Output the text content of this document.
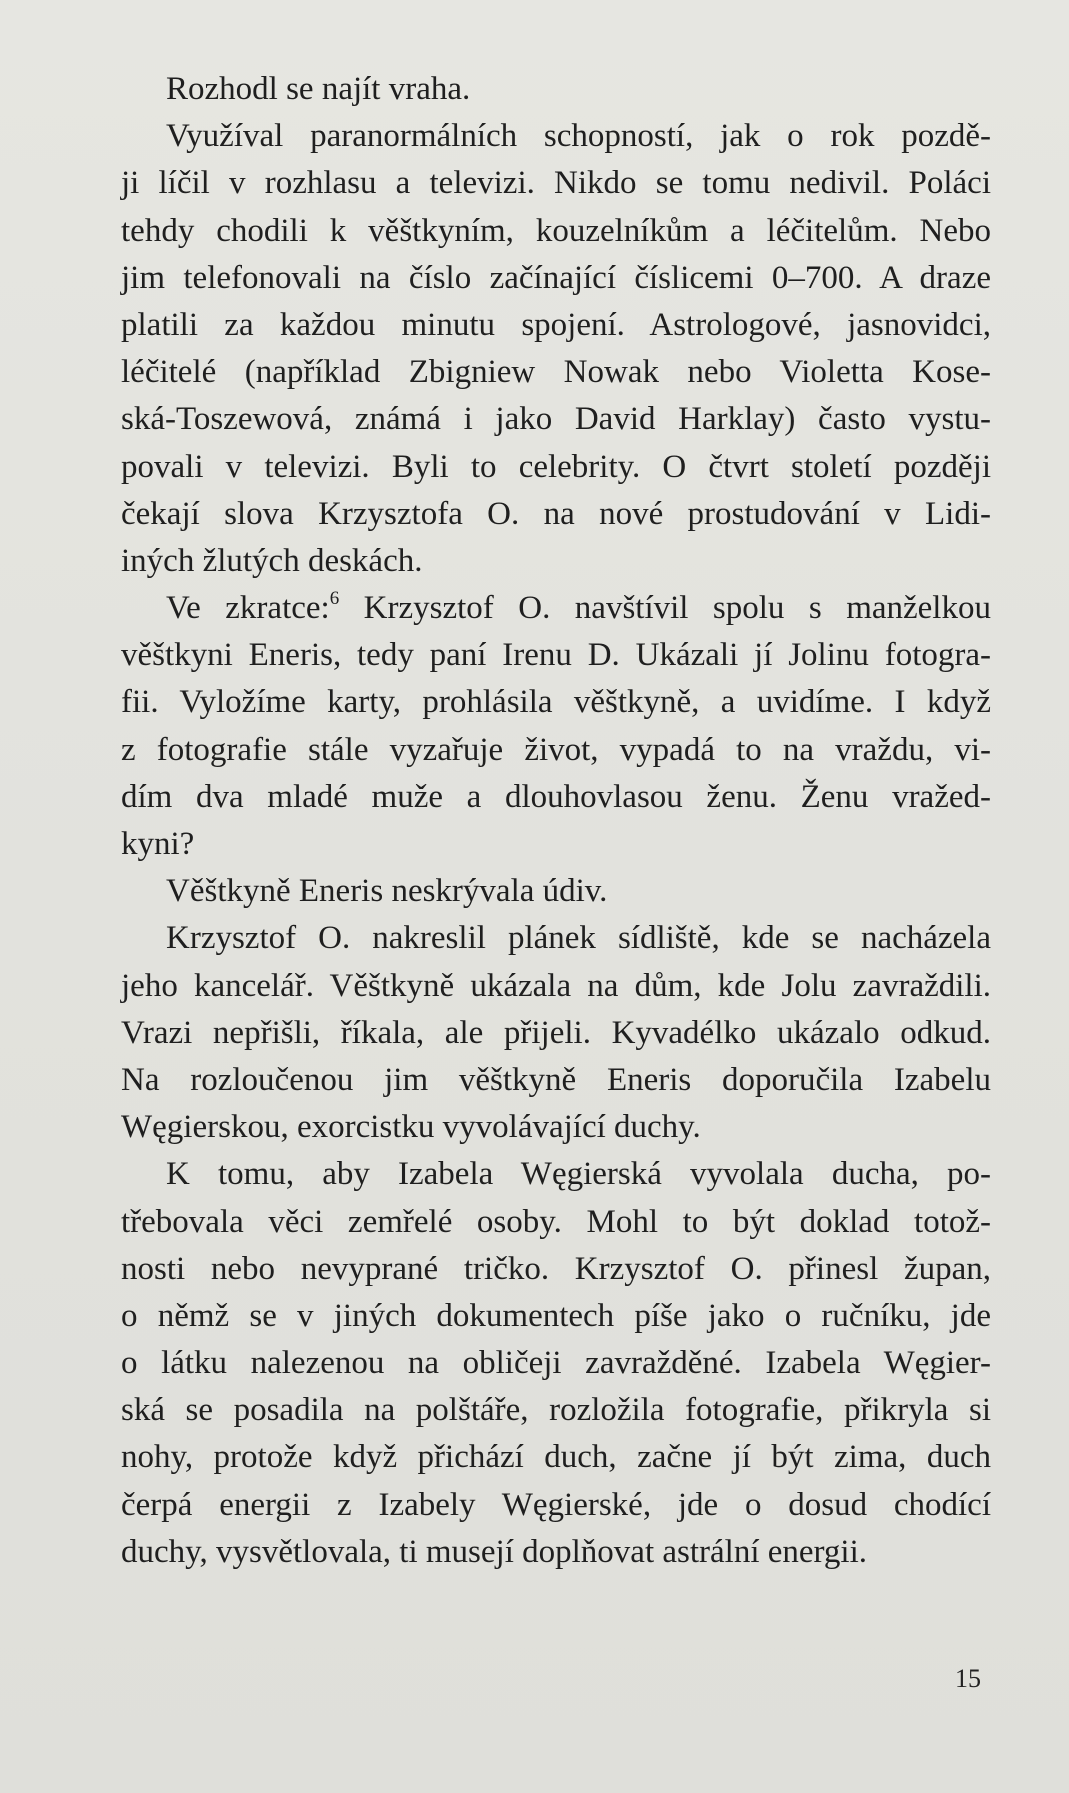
Rozhodl se najít vraha.
Využíval paranormálních schopností, jak o rok pozdě-
ji líčil v rozhlasu a televizi. Nikdo se tomu nedivil. Poláci
tehdy chodili k věštkyním, kouzelníkům a léčitelům. Nebo
jim telefonovali na číslo začínající číslicemi 0–700. A draze
platili za každou minutu spojení. Astrologové, jasnovidci,
léčitelé (například Zbigniew Nowak nebo Violetta Kose-
ská-Toszewová, známá i jako David Harklay) často vystu-
povali v televizi. Byli to celebrity. O čtvrt století později
čekají slova Krzysztofa O. na nové prostudování v Lidi-
iných žlutých deskách.
Ve zkratce:$^6$ Krzysztof O. navštívil spolu s manželkou
věštkyni Eneris, tedy paní Irenu D. Ukázali jí Jolinu fotogra-
fii. Vyložíme karty, prohlásila věštkyně, a uvidíme. I když
z fotografie stále vyzařuje život, vypadá to na vraždu, vi-
dím dva mladé muže a dlouhovlasou ženu. Ženu vražed-
kyni?
Věštkyně Eneris neskrývala údiv.
Krzysztof O. nakreslil plánek sídliště, kde se nacházela
jeho kancelář. Věštkyně ukázala na dům, kde Jolu zavraždili.
Vrazi nepřišli, říkala, ale přijeli. Kyvadélko ukázalo odkud.
Na rozloučenou jim věštkyně Eneris doporučila Izabelu
Węgierskou, exorcistku vyvolávající duchy.
K tomu, aby Izabela Węgierská vyvolala ducha, po-
třebovala věci zemřelé osoby. Mohl to být doklad totož-
nosti nebo nevyprané tričko. Krzysztof O. přinesl župan,
o němž se v jiných dokumentech píše jako o ručníku, jde
o látku nalezenou na obličeji zavražděné. Izabela Węgier-
ská se posadila na polštáře, rozložila fotografie, přikryla si
nohy, protože když přichází duch, začne jí být zima, duch
čerpá energii z Izabely Węgierské, jde o dosud chodící
duchy, vysvětlovala, ti musejí doplňovat astrální energii.
15
